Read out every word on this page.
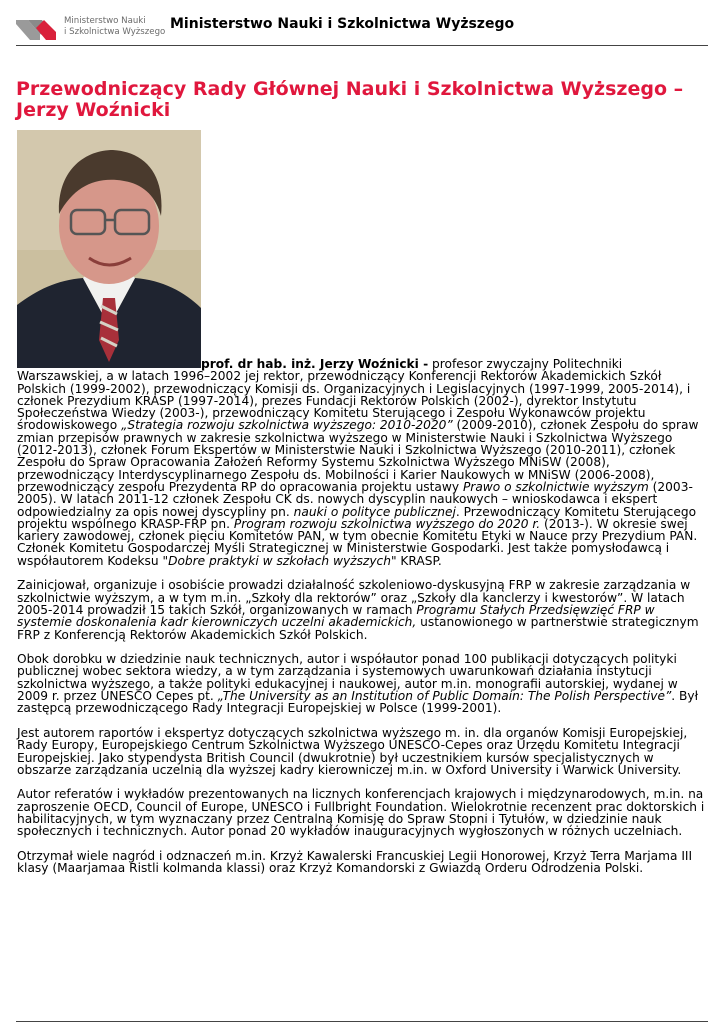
Ministerstwo Nauki
i Szkolnictwa Wyższego Ministerstwo Nauki i Szkolnictwa Wyższego
Przewodniczący Rady Głównej Nauki i Szkolnictwa Wyższego – Jerzy Woźnicki

prof. dr hab. inż. Jerzy Woźnicki - profesor zwyczajny Politechniki Warszawskiej, a w latach 1996–2002 jej rektor, przewodniczący Konferencji Rektorów Akademickich Szkół Polskich (1999-2002), przewodniczący Komisji ds. Organizacyjnych i Legislacyjnych (1997-1999, 2005-2014), i członek Prezydium KRASP (1997-2014), prezes Fundacji Rektorów Polskich (2002-), dyrektor Instytutu Społeczeństwa Wiedzy (2003-), przewodniczący Komitetu Sterującego i Zespołu Wykonawców projektu środowiskowego „Strategia rozwoju szkolnictwa wyższego: 2010-2020” (2009-2010), członek Zespołu do spraw zmian przepisów prawnych w zakresie szkolnictwa wyższego w Ministerstwie Nauki i Szkolnictwa Wyższego (2012-2013), członek Forum Ekspertów w Ministerstwie Nauki i Szkolnictwa Wyższego (2010-2011), członek Zespołu do Spraw Opracowania Założeń Reformy Systemu Szkolnictwa Wyższego MNiSW (2008), przewodniczący Interdyscyplinarnego Zespołu ds. Mobilności i Karier Naukowych w MNiSW (2006-2008), przewodniczący zespołu Prezydenta RP do opracowania projektu ustawy Prawo o szkolnictwie wyższym (2003-2005). W latach 2011-12 członek Zespołu CK ds. nowych dyscyplin naukowych – wnioskodawca i ekspert odpowiedzialny za opis nowej dyscypliny pn. nauki o polityce publicznej. Przewodniczący Komitetu Sterującego projektu wspólnego KRASP-FRP pn. Program rozwoju szkolnictwa wyższego do 2020 r. (2013-). W okresie swej kariery zawodowej, członek pięciu Komitetów PAN, w tym obecnie Komitetu Etyki w Nauce przy Prezydium PAN. Członek Komitetu Gospodarczej Myśli Strategicznej w Ministerstwie Gospodarki. Jest także pomysłodawcą i współautorem Kodeksu "Dobre praktyki w szkołach wyższych" KRASP.

Zainicjował, organizuje i osobiście prowadzi działalność szkoleniowo-dyskusyjną FRP w zakresie zarządzania w szkolnictwie wyższym, a w tym m.in. „Szkoły dla rektorów” oraz „Szkoły dla kanclerzy i kwestorów”. W latach 2005-2014 prowadził 15 takich Szkół, organizowanych w ramach Programu Stałych Przedsięwzięć FRP w systemie doskonalenia kadr kierowniczych uczelni akademickich, ustanowionego w partnerstwie strategicznym FRP z Konferencją Rektorów Akademickich Szkół Polskich.

Obok dorobku w dziedzinie nauk technicznych, autor i współautor ponad 100 publikacji dotyczących polityki publicznej wobec sektora wiedzy, a w tym zarządzania i systemowych uwarunkowań działania instytucji szkolnictwa wyższego, a także polityki edukacyjnej i naukowej, autor m.in. monografii autorskiej, wydanej w 2009 r. przez UNESCO Cepes pt. „The University as an Institution of Public Domain: The Polish Perspective”. Był zastępcą przewodniczącego Rady Integracji Europejskiej w Polsce (1999-2001).

Jest autorem raportów i ekspertyz dotyczących szkolnictwa wyższego m. in. dla organów Komisji Europejskiej, Rady Europy, Europejskiego Centrum Szkolnictwa Wyższego UNESCO-Cepes oraz Urzędu Komitetu Integracji Europejskiej. Jako stypendysta British Council (dwukrotnie) był uczestnikiem kursów specjalistycznych w obszarze zarządzania uczelnią dla wyższej kadry kierowniczej m.in. w Oxford University i Warwick University.

Autor referatów i wykładów prezentowanych na licznych konferencjach krajowych i międzynarodowych, m.in. na zaproszenie OECD, Council of Europe, UNESCO i Fullbright Foundation. Wielokrotnie recenzent prac doktorskich i habilitacyjnych, w tym wyznaczany przez Centralną Komisję do Spraw Stopni i Tytułów, w dziedzinie nauk społecznych i technicznych. Autor ponad 20 wykładów inauguracyjnych wygłoszonych w różnych uczelniach.

Otrzymał wiele nagród i odznaczeń m.in. Krzyż Kawalerski Francuskiej Legii Honorowej, Krzyż Terra Marjama III klasy (Maarjamaa Ristli kolmanda klassi) oraz Krzyż Komandorski z Gwiazdą Orderu Odrodzenia Polski.
